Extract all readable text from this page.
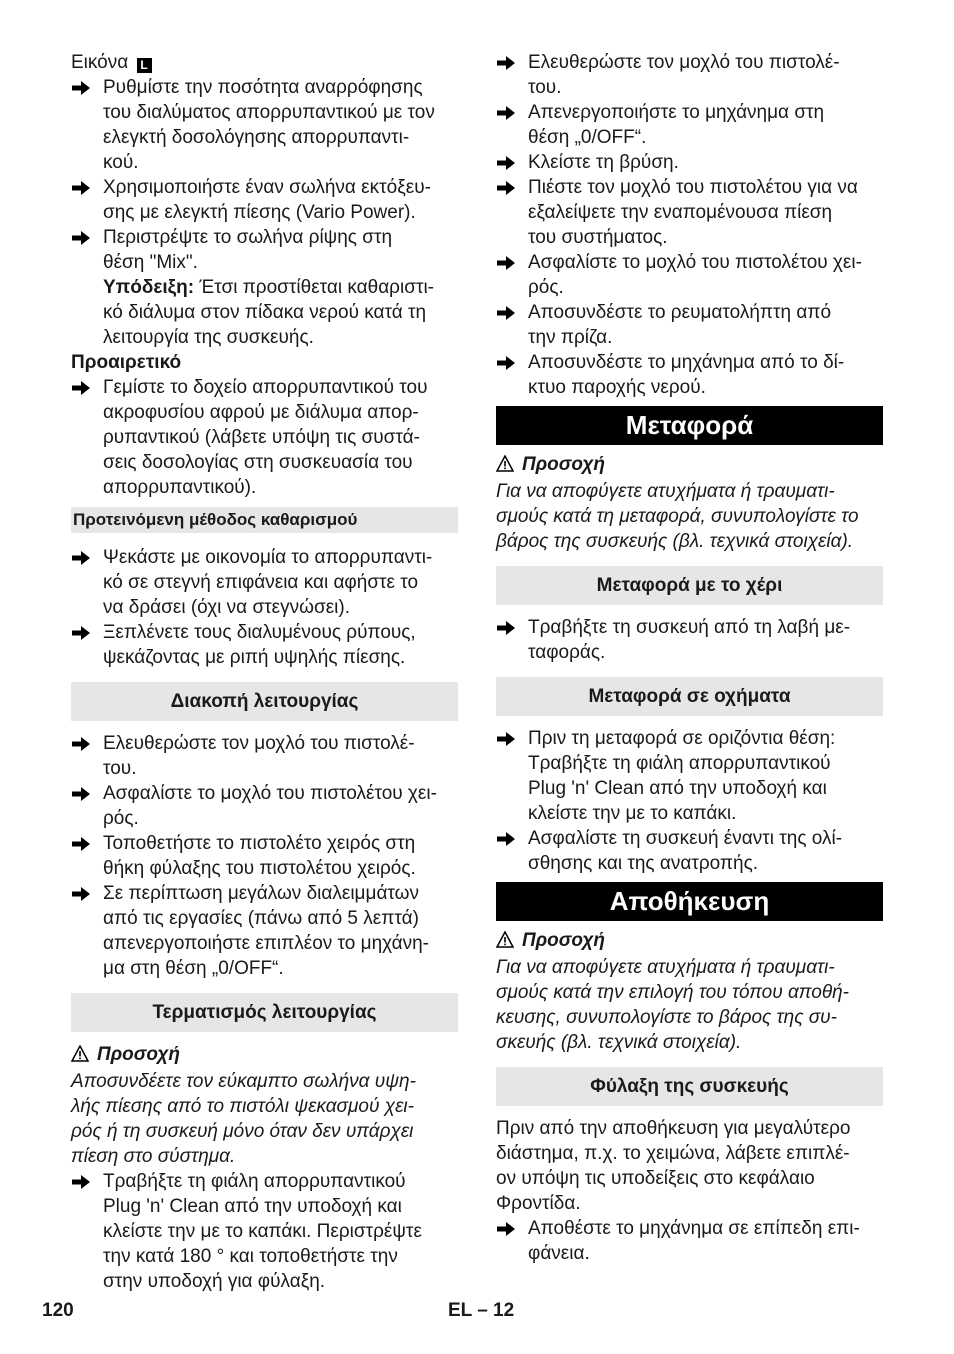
Εικόνα L
Ρυθμίστε την ποσότητα αναρρόφησης
του διαλύματος απορρυπαντικού με τον
ελεγκτή δοσολόγησης απορρυπαντι-
κού.
Χρησιμοποιήστε έναν σωλήνα εκτόξευ-
σης με ελεγκτή πίεσης (Vario Power).
Περιστρέψτε το σωλήνα ρίψης στη
θέση "Mix".
Υπόδειξη: Έτσι προστίθεται καθαριστι-
κό διάλυμα στον πίδακα νερού κατά τη
λειτουργία της συσκευής.
Προαιρετικό
Γεμίστε το δοχείο απορρυπαντικού του
ακροφυσίου αφρού με διάλυμα απορ-
ρυπαντικού (λάβετε υπόψη τις συστά-
σεις δοσολογίας στη συσκευασία του
απορρυπαντικού).
Προτεινόμενη μέθοδος καθαρισμού
Ψεκάστε με οικονομία το απορρυπαντι-
κό σε στεγνή επιφάνεια και αφήστε το
να δράσει (όχι να στεγνώσει).
Ξεπλένετε τους διαλυμένους ρύπους,
ψεκάζοντας με ριπή υψηλής πίεσης.
Διακοπή λειτουργίας
Ελευθερώστε τον μοχλό του πιστολέ-
του.
Ασφαλίστε το μοχλό του πιστολέτου χει-
ρός.
Τοποθετήστε το πιστολέτο χειρός στη
θήκη φύλαξης του πιστολέτου χειρός.
Σε περίπτωση μεγάλων διαλειμμάτων
από τις εργασίες (πάνω από 5 λεπτά)
απενεργοποιήστε επιπλέον το μηχάνη-
μα στη θέση „0/OFF“.
Τερματισμός λειτουργίας
Προσοχή
Αποσυνδέετε τον εύκαμπτο σωλήνα υψη-
λής πίεσης από το πιστόλι ψεκασμού χει-
ρός ή τη συσκευή μόνο όταν δεν υπάρχει
πίεση στο σύστημα.
Τραβήξτε τη φιάλη απορρυπαντικού
Plug 'n' Clean από την υποδοχή και
κλείστε την με το καπάκι. Περιστρέψτε
την κατά 180 ° και τοποθετήστε την
στην υποδοχή για φύλαξη.
Ελευθερώστε τον μοχλό του πιστολέ-
του.
Απενεργοποιήστε το μηχάνημα στη
θέση „0/OFF“.
Κλείστε τη βρύση.
Πιέστε τον μοχλό του πιστολέτου για να
εξαλείψετε την εναπομένουσα πίεση
του συστήματος.
Ασφαλίστε το μοχλό του πιστολέτου χει-
ρός.
Αποσυνδέστε το ρευματολήπτη από
την πρίζα.
Αποσυνδέστε το μηχάνημα από το δί-
κτυο παροχής νερού.
Μεταφορά
Προσοχή
Για να αποφύγετε ατυχήματα ή τραυματι-
σμούς κατά τη μεταφορά, συνυπολογίστε το
βάρος της συσκευής (βλ. τεχνικά στοιχεία).
Μεταφορά με το χέρι
Τραβήξτε τη συσκευή από τη λαβή με-
ταφοράς.
Μεταφορά σε οχήματα
Πριν τη μεταφορά σε οριζόντια θέση:
Τραβήξτε τη φιάλη απορρυπαντικού
Plug 'n' Clean από την υποδοχή και
κλείστε την με το καπάκι.
Ασφαλίστε τη συσκευή έναντι της ολί-
σθησης και της ανατροπής.
Αποθήκευση
Προσοχή
Για να αποφύγετε ατυχήματα ή τραυματι-
σμούς κατά την επιλογή του τόπου αποθή-
κευσης, συνυπολογίστε το βάρος της συ-
σκευής (βλ. τεχνικά στοιχεία).
Φύλαξη της συσκευής
Πριν από την αποθήκευση για μεγαλύτερο
διάστημα, π.χ. το χειμώνα, λάβετε επιπλέ-
ον υπόψη τις υποδείξεις στο κεφάλαιο
Φροντίδα.
Αποθέστε το μηχάνημα σε επίπεδη επι-
φάνεια.
120	EL – 12
